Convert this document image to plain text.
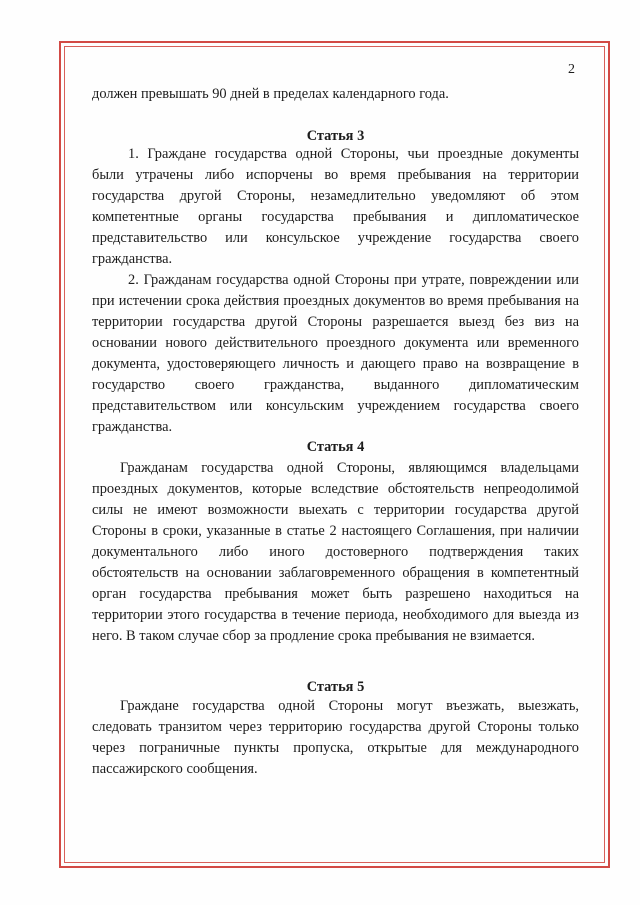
2

должен превышать 90 дней в пределах календарного года.

Статья 3

1. Граждане государства одной Стороны, чьи проездные документы были утрачены либо испорчены во время пребывания на территории государства другой Стороны, незамедлительно уведомляют об этом компетентные органы государства пребывания и дипломатическое представительство или консульское учреждение государства своего гражданства.

2. Гражданам государства одной Стороны при утрате, повреждении или при истечении срока действия проездных документов во время пребывания на территории государства другой Стороны разрешается выезд без виз на основании нового действительного проездного документа или временного документа, удостоверяющего личность и дающего право на возвращение в государство своего гражданства, выданного дипломатическим представительством или консульским учреждением государства своего гражданства.

Статья 4

Гражданам государства одной Стороны, являющимся владельцами проездных документов, которые вследствие обстоятельств непреодолимой силы не имеют возможности выехать с территории государства другой Стороны в сроки, указанные в статье 2 настоящего Соглашения, при наличии документального либо иного достоверного подтверждения таких обстоятельств на основании заблаговременного обращения в компетентный орган государства пребывания может быть разрешено находиться на территории этого государства в течение периода, необходимого для выезда из него. В таком случае сбор за продление срока пребывания не взимается.

Статья 5

Граждане государства одной Стороны могут въезжать, выезжать, следовать транзитом через территорию государства другой Стороны только через пограничные пункты пропуска, открытые для международного пассажирского сообщения.
